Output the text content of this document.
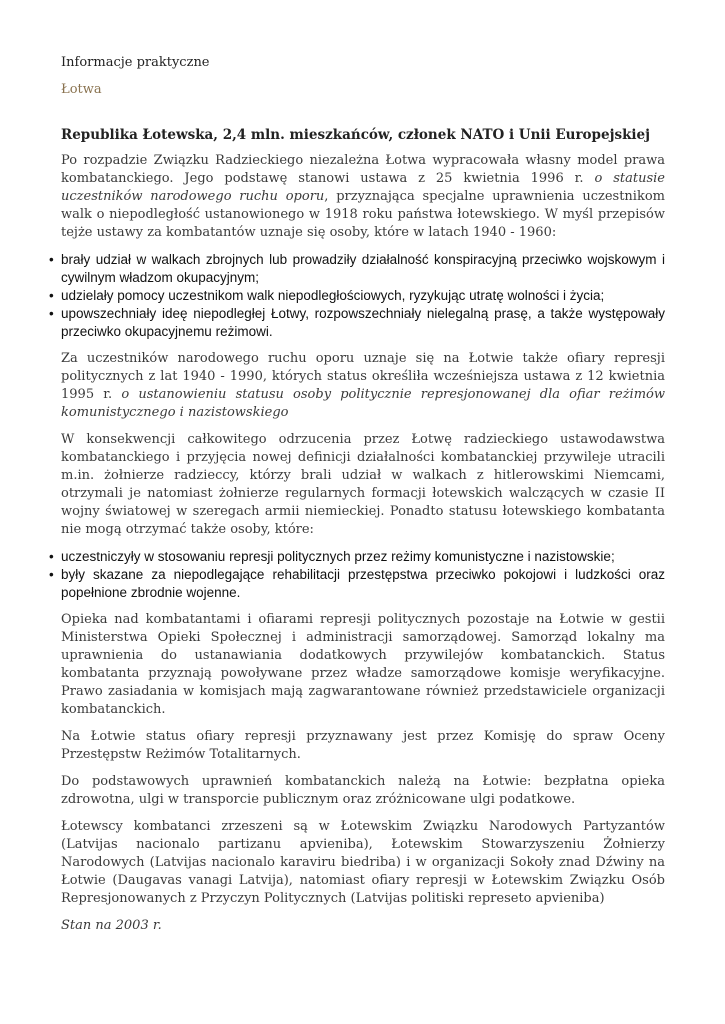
Informacje praktyczne
Łotwa
Republika Łotewska, 2,4 mln. mieszkańców, członek NATO i Unii Europejskiej

Po rozpadzie Związku Radzieckiego niezależna Łotwa wypracowała własny model prawa kombatanckiego. Jego podstawę stanowi ustawa z 25 kwietnia 1996 r. o statusie uczestników narodowego ruchu oporu, przyznająca specjalne uprawnienia uczestnikom walk o niepodległość ustanowionego w 1918 roku państwa łotewskiego. W myśl przepisów tejże ustawy za kombatantów uznaje się osoby, które w latach 1940 - 1960:

• brały udział w walkach zbrojnych lub prowadziły działalność konspiracyjną przeciwko wojskowym i cywilnym władzom okupacyjnym;
• udzielały pomocy uczestnikom walk niepodległościowych, ryzykując utratę wolności i życia;
• upowszechniały ideę niepodległej Łotwy, rozpowszechniały nielegalną prasę, a także występowały przeciwko okupacyjnemu reżimowi.

Za uczestników narodowego ruchu oporu uznaje się na Łotwie także ofiary represji politycznych z lat 1940 - 1990, których status określiła wcześniejsza ustawa z 12 kwietnia 1995 r. o ustanowieniu statusu osoby politycznie represjonowanej dla ofiar reżimów komunistycznego i nazistowskiego

W konsekwencji całkowitego odrzucenia przez Łotwę radzieckiego ustawodawstwa kombatanckiego i przyjęcia nowej definicji działalności kombatanckiej przywileje utracili m.in. żołnierze radzieccy, którzy brali udział w walkach z hitlerowskimi Niemcami, otrzymali je natomiast żołnierze regularnych formacji łotewskich walczących w czasie II wojny światowej w szeregach armii niemieckiej. Ponadto statusu łotewskiego kombatanta nie mogą otrzymać także osoby, które:

• uczestniczyły w stosowaniu represji politycznych przez reżimy komunistyczne i nazistowskie;
• były skazane za niepodlegające rehabilitacji przestępstwa przeciwko pokojowi i ludzkości oraz popełnione zbrodnie wojenne.

Opieka nad kombatantami i ofiarami represji politycznych pozostaje na Łotwie w gestii Ministerstwa Opieki Społecznej i administracji samorządowej. Samorząd lokalny ma uprawnienia do ustanawiania dodatkowych przywilejów kombatanckich. Status kombatanta przyznają powoływane przez władze samorządowe komisje weryfikacyjne. Prawo zasiadania w komisjach mają zagwarantowane również przedstawiciele organizacji kombatanckich.

Na Łotwie status ofiary represji przyznawany jest przez Komisję do spraw Oceny Przestępstw Reżimów Totalitarnych.

Do podstawowych uprawnień kombatanckich należą na Łotwie: bezpłatna opieka zdrowotna, ulgi w transporcie publicznym oraz zróżnicowane ulgi podatkowe.

Łotewscy kombatanci zrzeszeni są w Łotewskim Związku Narodowych Partyzantów (Latvijas nacionalo partizanu apvieniba), Łotewskim Stowarzyszeniu Żołnierzy Narodowych (Latvijas nacionalo karaviru biedriba) i w organizacji Sokoły znad Dźwiny na Łotwie (Daugavas vanagi Latvija), natomiast ofiary represji w Łotewskim Związku Osób Represjonowanych z Przyczyn Politycznych (Latvijas politiski represeto apvieniba)

Stan na 2003 r.
